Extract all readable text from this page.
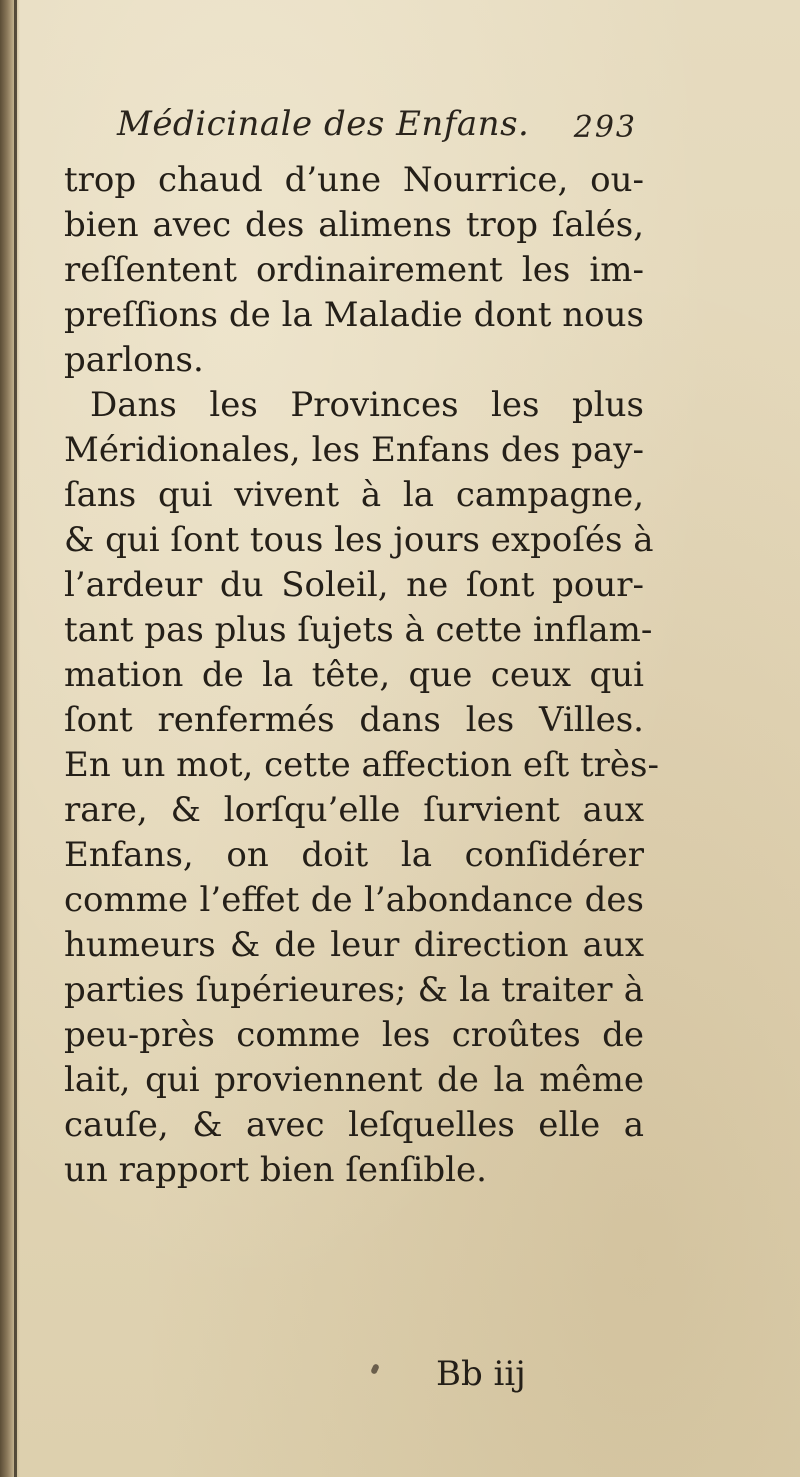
Médicinale des Enfans. 293
trop chaud d’une Nourrice, ou-
bien avec des alimens trop ſalés,
reſſentent ordinairement les im-
preſſions de la Maladie dont nous
parlons.
Dans les Provinces les plus
Méridionales, les Enfans des pay-
ſans qui vivent à la campagne,
& qui ſont tous les jours expoſés à
l’ardeur du Soleil, ne ſont pour-
tant pas plus ſujets à cette inflam-
mation de la tête, que ceux qui
ſont renfermés dans les Villes.
En un mot, cette affection eſt très-
rare, & lorſqu’elle ſurvient aux
Enfans, on doit la conſidérer
comme l’effet de l’abondance des
humeurs & de leur direction aux
parties ſupérieures; & la traiter à
peu-près comme les croûtes de
lait, qui proviennent de la même
cauſe, & avec leſquelles elle a
un rapport bien ſenſible.
Bb iij
